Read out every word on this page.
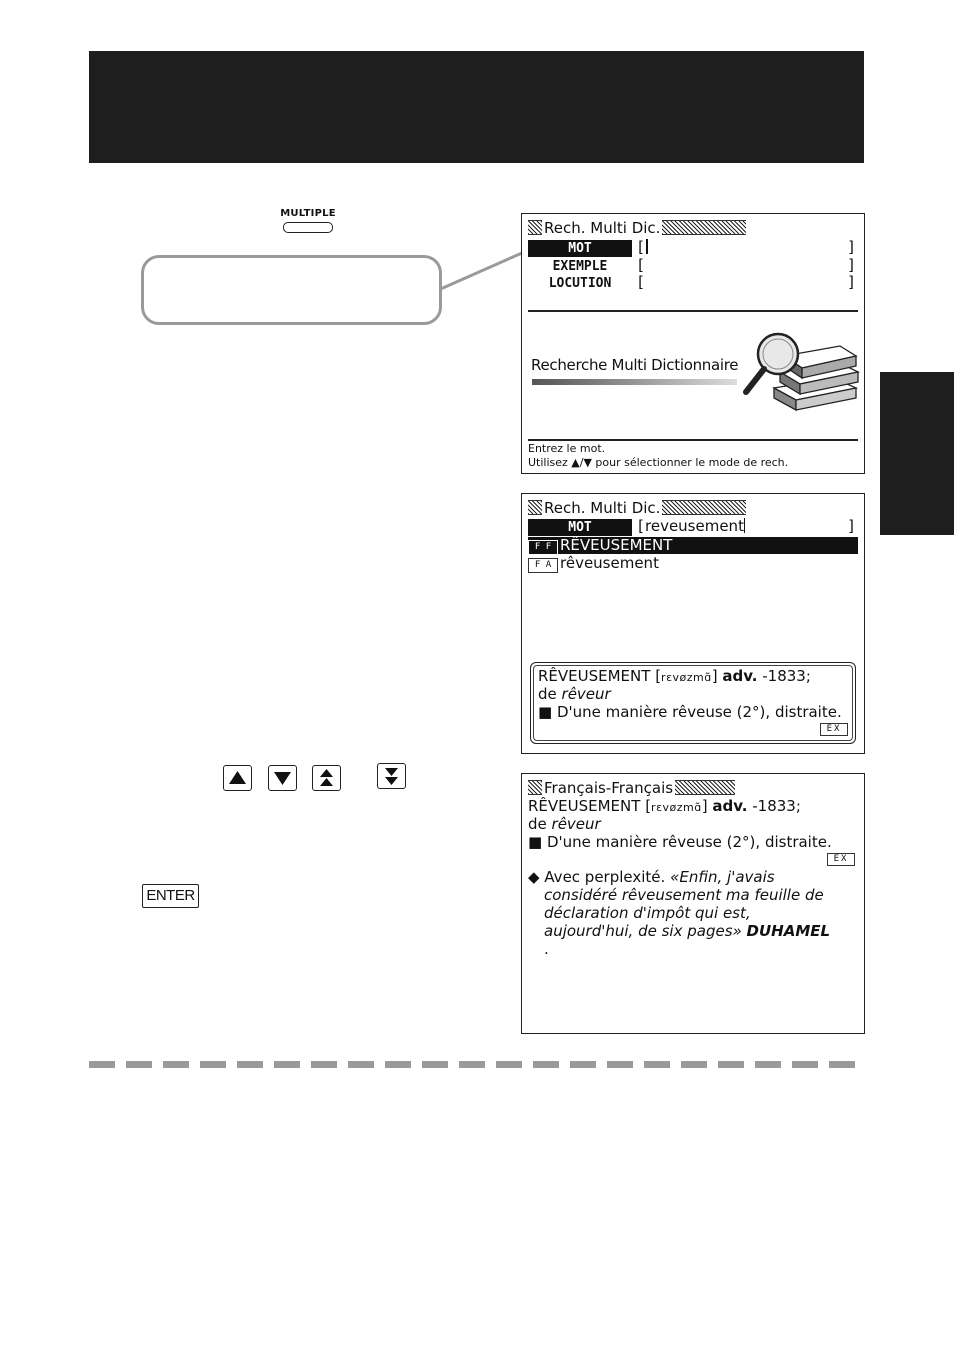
MULTIPLE
Rech. Multi Dic.
MOT	[	]
EXEMPLE	[	]
LOCUTION	[	]
Recherche Multi Dictionnaire
Entrez le mot.
Utilisez ▲/▼ pour sélectionner le mode de rech.
Rech. Multi Dic.
MOT	[ reveusement	]
F F RÊVEUSEMENT
F A rêveusement
RÊVEUSEMENT [rɛvøzmɑ̃] adv. -1833;
de rêveur
■ D'une manière rêveuse (2°), distraite.
EX
ENTER
Français-Français
RÊVEUSEMENT [rɛvøzmɑ̃] adv. -1833;
de rêveur
■ D'une manière rêveuse (2°), distraite.
EX
◆ Avec perplexité. «Enfin, j'avais
considéré rêveusement ma feuille de
déclaration d'impôt qui est,
aujourd'hui, de six pages» DUHAMEL
.
